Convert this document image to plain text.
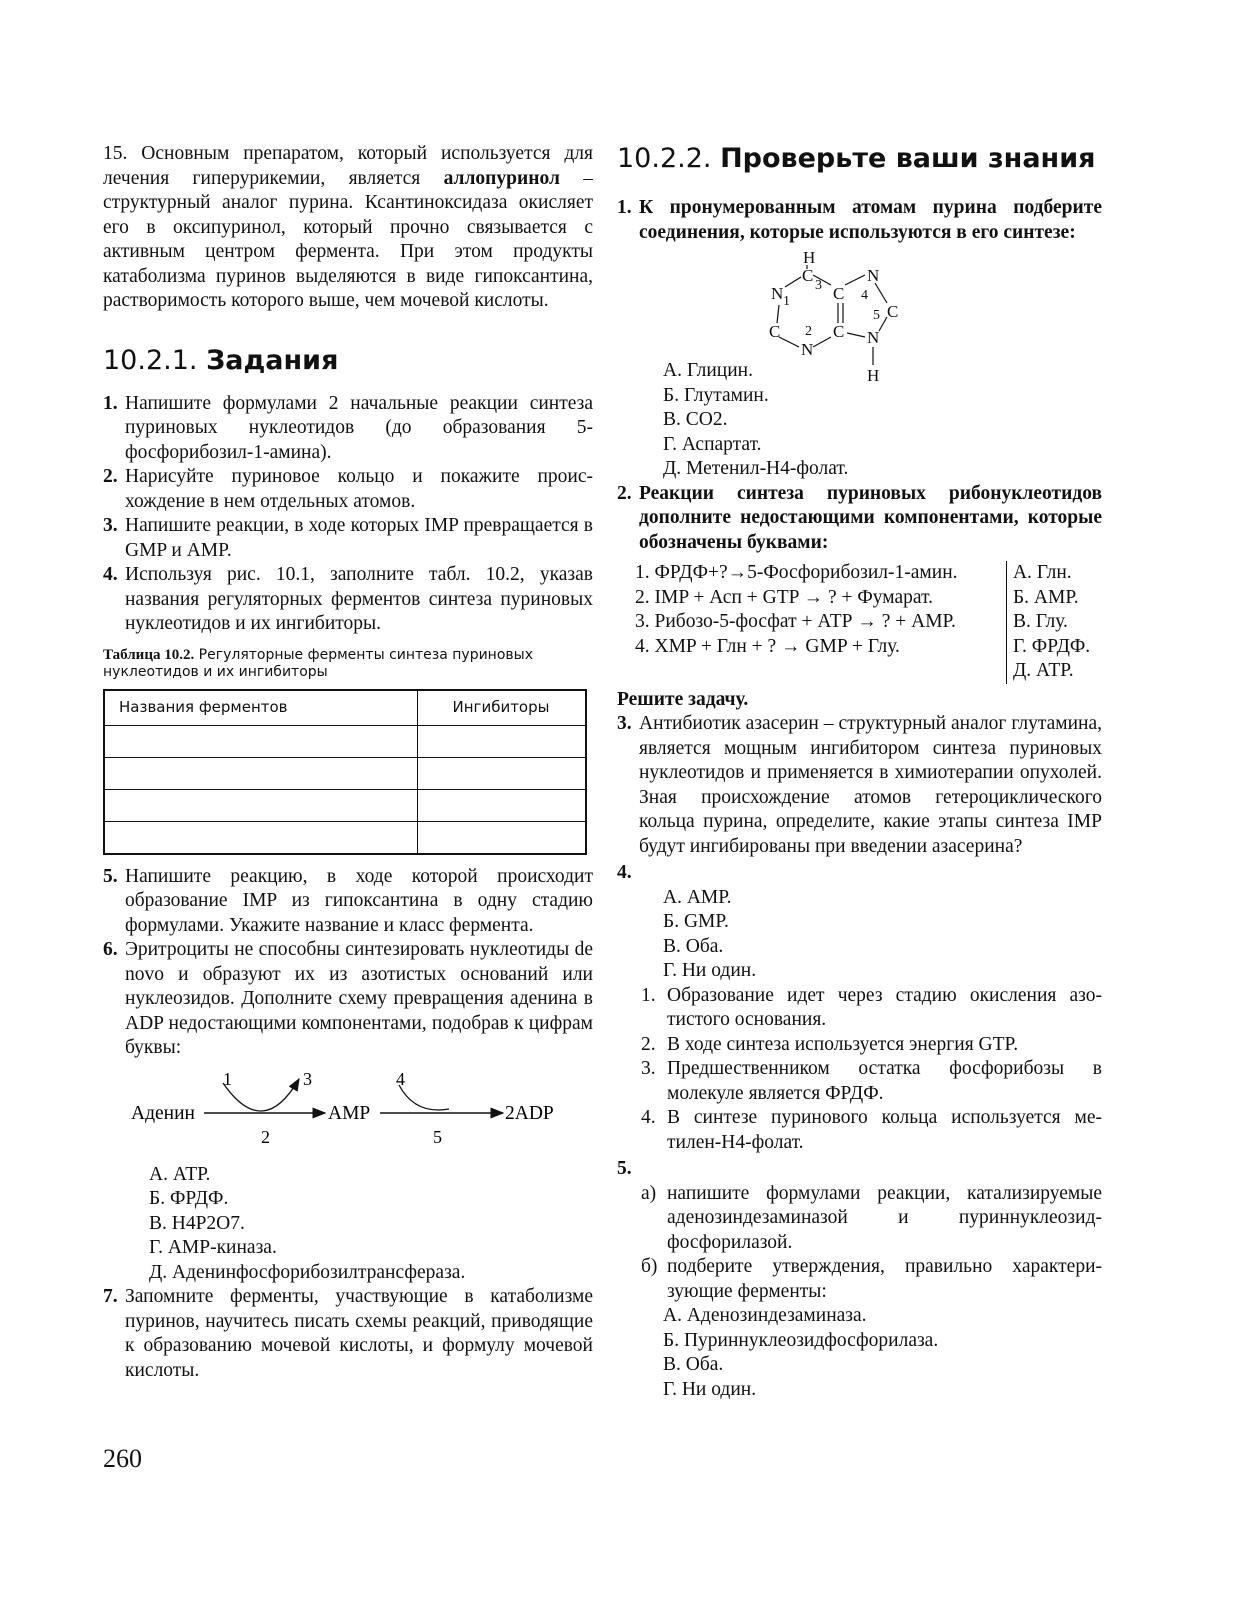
15. Основным препаратом, который используется для лечения гиперурикемии, является аллопуринол – структурный аналог пурина. Ксантиноксидаза окисляет его в оксипуринол, который прочно связывается с активным центром фермента. При этом продукты катаболизма пуринов выделяются в виде гипоксантина, растворимость которого выше, чем мочевой кислоты.

10.2.1. Задания
1. Напишите формулами 2 начальные реакции синтеза пуриновых нуклеотидов (до образования 5-фосфорибозил-1-амина).
2. Нарисуйте пуриновое кольцо и покажите происхождение в нем отдельных атомов.
3. Напишите реакции, в ходе которых IMP превращается в GMP и AMP.
4. Используя рис. 10.1, заполните табл. 10.2, указав названия регуляторных ферментов синтеза пуриновых нуклеотидов и их ингибиторы.
Таблица 10.2. Регуляторные ферменты синтеза пуриновых нуклеотидов и их ингибиторы
Названия ферментов	Ингибиторы

5. Напишите реакцию, в ходе которой происходит образование IMP из гипоксантина в одну стадию формулами. Укажите название и класс фермента.
6. Эритроциты не способны синтезировать нуклеотиды de novo и образуют их из азотистых оснований или нуклеозидов. Дополните схему превращения аденина в ADP недостающими компонентами, подобрав к цифрам буквы:
Аденин
1	3
2
AMP
4
5
2ADP
А. АТР.
Б. ФРДФ.
В. H4P2O7.
Г. АМР-киназа.
Д. Аденинфосфорибозилтрансфераза.
7. Запомните ферменты, участвующие в катаболизме пуринов, научитесь писать схемы реакций, приводящие к образованию мочевой кислоты, и формулу мочевой кислоты.
260
10.2.2. Проверьте ваши знания
1. К пронумерованным атомам пурина подберите соединения, которые используются в его синтезе:
H
C
3
N
N 1	C 4
5 C
C 2 C
N
N
H
А. Глицин.
Б. Глутамин.
В. СО2.
Г. Аспартат.
Д. Метенил-H4-фолат.
2. Реакции синтеза пуриновых рибонуклеотидов дополните недостающими компонентами, которые обозначены буквами:
1. ФРДФ+?→5-Фосфорибозил-1-амин.
2. IMP + Асп + GTP → ? + Фумарат.
3. Рибозо-5-фосфат + АТР → ? + АМР.
4. XMP + Глн + ? → GMP + Глу.
А. Глн.
Б. АМР.
В. Глу.
Г. ФРДФ.
Д. АТР.
Решите задачу.
3. Антибиотик азасерин – структурный аналог глутамина, является мощным ингибитором синтеза пуриновых нуклеотидов и применяется в химиотерапии опухолей. Зная происхождение атомов гетероциклического кольца пурина, определите, какие этапы синтеза IMP будут ингибированы при введении азасерина?
4.
А. АМР.
Б. GMP.
В. Оба.
Г. Ни один.
1. Образование идет через стадию окисления азотистого основания.
2. В ходе синтеза используется энергия GTP.
3. Предшественником остатка фосфорибозы в молекуле является ФРДФ.
4. В синтезе пуринового кольца используется метилен-H4-фолат.
5.
а) напишите формулами реакции, катализируемые аденозиндезаминазой и пуриннуклеозидфосфорилазой.
б) подберите утверждения, правильно характеризующие ферменты:
А. Аденозиндезаминаза.
Б. Пуриннуклеозидфосфорилаза.
В. Оба.
Г. Ни один.
